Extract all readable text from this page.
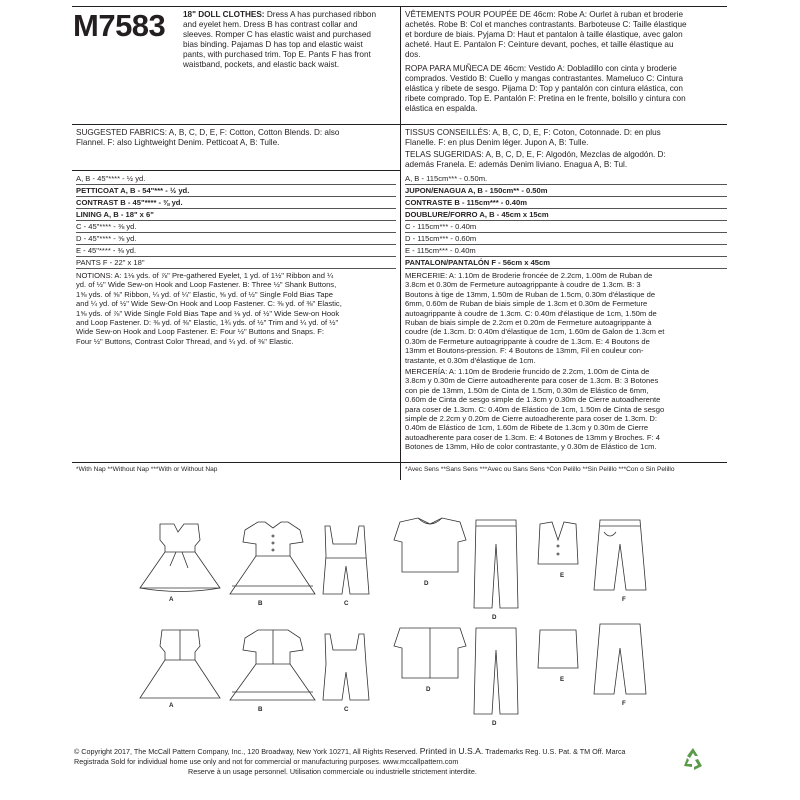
M7583 18" DOLL CLOTHES: Dress A has purchased ribbon
and eyelet hem. Dress B has contrast collar and
sleeves. Romper C has elastic waist and purchased
bias binding. Pajamas D has top and elastic waist
pants, with purchased trim. Top E. Pants F has front
waistband, pockets, and elastic back waist.
VÊTEMENTS POUR POUPÉE DE 46cm: Robe A: Ourlet à ruban et broderie
achetés. Robe B: Col et manches contrastants. Barboteuse C: Taille élastique
et bordure de biais. Pyjama D: Haut et pantalon à taille élastique, avec galon
acheté. Haut E. Pantalon F: Ceinture devant, poches, et taille élastique au
dos.
ROPA PARA MUÑECA DE 46cm: Vestido A: Dobladillo con cinta y broderie
comprados. Vestido B: Cuello y mangas contrastantes. Mameluco C: Cintura
elástica y ribete de sesgo. Pijama D: Top y pantalón con cintura elástica, con
ribete comprado. Top E. Pantalón F: Pretina en le frente, bolsillo y cintura con
elástica en espalda.
SUGGESTED FABRICS: A, B, C, D, E, F: Cotton, Cotton Blends. D: also
Flannel. F: also Lightweight Denim. Petticoat A, B: Tulle.
TISSUS CONSEILLÉS: A, B, C, D, E, F: Coton, Cotonnade. D: en plus
Flanelle. F: en plus Denim léger. Jupon A, B: Tulle.
TELAS SUGERIDAS: A, B, C, D, E, F: Algodón, Mezclas de algodón. D:
además Franela. E: además Denim liviano. Enagua A, B: Tul.
A, B - 45"**** - ½ yd.
PETTICOAT A, B - 54"*** - ½ yd.
CONTRAST B - 45"**** - ⅜ yd.
LINING A, B - 18" x 6"
C - 45"**** - ⅜ yd.
D - 45"**** - ⅝ yd.
E - 45"**** - ⅜ yd.
PANTS F - 22" x 18"
A, B - 115cm*** - 0.50m.
JUPON/ENAGUA A, B - 150cm** - 0.50m
CONTRASTE B - 115cm*** - 0.40m
DOUBLURE/FORRO A, B - 45cm x 15cm
C - 115cm*** - 0.40m
D - 115cm*** - 0.60m
E - 115cm*** - 0.40m
PANTALON/PANTALÓN F - 56cm x 45cm
NOTIONS: A: 1⅛ yds. of ⅞" Pre-gathered Eyelet, 1 yd. of 1½" Ribbon and ¼
yd. of ½" Wide Sew-on Hook and Loop Fastener. B: Three ½" Shank Buttons,
1⅝ yds. of ⅝" Ribbon, ¼ yd. of ¼" Elastic, ⅝ yd. of ½" Single Fold Bias Tape
and ¼ yd. of ½" Wide Sew-On Hook and Loop Fastener. C: ⅜ yd. of ⅜" Elastic,
1⅝ yds. of ⅞" Wide Single Fold Bias Tape and ⅛ yd. of ½" Wide Sew-on Hook
and Loop Fastener. D: ⅜ yd. of ⅜" Elastic, 1¾ yds. of ½" Trim and ¼ yd. of ½"
Wide Sew-on Hook and Loop Fastener. E: Four ½" Buttons and Snaps. F:
Four ½" Buttons, Contrast Color Thread, and ¼ yd. of ⅜" Elastic.
MERCERIE: A: 1.10m de Broderie froncée de 2.2cm, 1.00m de Ruban de
3.8cm et 0.30m de Fermeture autoagrippante à coudre de 1.3cm. B: 3
Boutons à tige de 13mm, 1.50m de Ruban de 1.5cm, 0.30m d'élastique de
6mm, 0.60m de Ruban de biais simple de 1.3cm et 0.30m de Fermeture
autoagrippante à coudre de 1.3cm. C: 0.40m d'élastique de 1cm, 1.50m de
Ruban de biais simple de 2.2cm et 0.20m de Fermeture autoagrippante à
coudre (de 1.3cm. D: 0.40m d'élastique de 1cm, 1.60m de Galon de 1.3cm et
0.30m de Fermeture autoagrippante à coudre de 1.3cm. E: 4 Boutons de
13mm et Boutons-pression. F: 4 Boutons de 13mm, Fil en couleur con-
trastante, et 0.30m d'élastique de 1cm.
MERCERÍA: A: 1.10m de Broderie fruncido de 2.2cm, 1.00m de Cinta de
3.8cm y 0.30m de Cierre autoadherente para coser de 1.3cm. B: 3 Botones
con pie de 13mm, 1.50m de Cinta de 1.5cm, 0.30m de Elástico de 6mm,
0.60m de Cinta de sesgo simple de 1.3cm y 0.30m de Cierre autoadherente
para coser de 1.3cm. C: 0.40m de Elástico de 1cm, 1.50m de Cinta de sesgo
simple de 2.2cm y 0.20m de Cierre autoadherente para coser de 1.3cm. D:
0.40m de Elástico de 1cm, 1.60m de Ribete de 1.3cm y 0.30m de Cierre
autoadherente para coser de 1.3cm. E: 4 Botones de 13mm y Broches. F: 4
Botones de 13mm, Hilo de color contrastante, y 0.30m de Elástico de 1cm.
*With Nap **Without Nap ***With or Without Nap	*Avec Sens **Sans Sens ***Avec ou Sans Sens *Con Pelillo **Sin Pelillo ***Con o Sin Pelillo
A
B	C
D
D
E
F
A
B	C
D
D
E
F
© Copyright 2017, The McCall Pattern Company, Inc., 120 Broadway, New York 10271, All Rights Reserved. Printed in U.S.A. Trademarks Reg. U.S. Pat. & TM Off. Marca
Registrada Sold for individual home use only and not for commercial or manufacturing purposes. www.mccallpattern.com
Reserve à un usage personnel. Utilisation commerciale ou industrielle strictement interdite.
